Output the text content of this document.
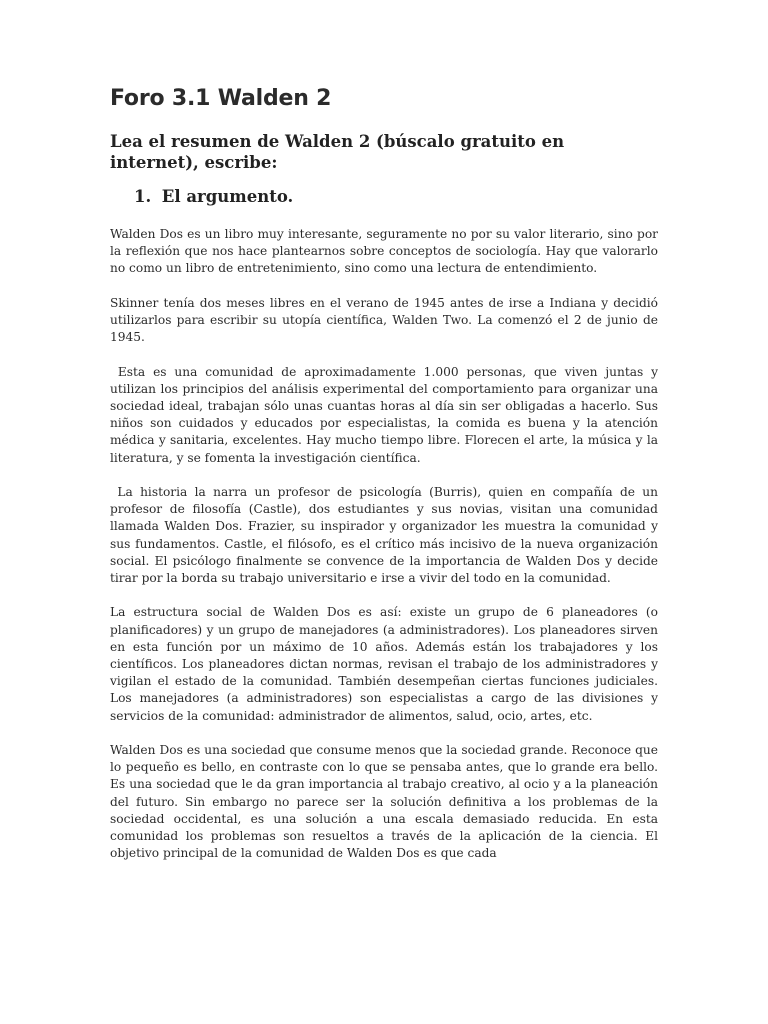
Foro 3.1 Walden 2
Lea el resumen de Walden 2 (búscalo gratuito en internet), escribe:
1. El argumento.

Walden Dos es un libro muy interesante, seguramente no por su valor literario, sino por la reflexión que nos hace plantearnos sobre conceptos de sociología. Hay que valorarlo no como un libro de entretenimiento, sino como una lectura de entendimiento.

Skinner tenía dos meses libres en el verano de 1945 antes de irse a Indiana y decidió utilizarlos para escribir su utopía científica, Walden Two. La comenzó el 2 de junio de 1945.

Esta es una comunidad de aproximadamente 1.000 personas, que viven juntas y utilizan los principios del análisis experimental del comportamiento para organizar una sociedad ideal, trabajan sólo unas cuantas horas al día sin ser obligadas a hacerlo. Sus niños son cuidados y educados por especialistas, la comida es buena y la atención médica y sanitaria, excelentes. Hay mucho tiempo libre. Florecen el arte, la música y la literatura, y se fomenta la investigación científica.

La historia la narra un profesor de psicología (Burris), quien en compañía de un profesor de filosofía (Castle), dos estudiantes y sus novias, visitan una comunidad llamada Walden Dos. Frazier, su inspirador y organizador les muestra la comunidad y sus fundamentos. Castle, el filósofo, es el crítico más incisivo de la nueva organización social. El psicólogo finalmente se convence de la importancia de Walden Dos y decide tirar por la borda su trabajo universitario e irse a vivir del todo en la comunidad.

La estructura social de Walden Dos es así: existe un grupo de 6 planeadores (o planificadores) y un grupo de manejadores (a administradores). Los planeadores sirven en esta función por un máximo de 10 años. Además están los trabajadores y los científicos. Los planeadores dictan normas, revisan el trabajo de los administradores y vigilan el estado de la comunidad. También desempeñan ciertas funciones judiciales. Los manejadores (a administradores) son especialistas a cargo de las divisiones y servicios de la comunidad: administrador de alimentos, salud, ocio, artes, etc.

Walden Dos es una sociedad que consume menos que la sociedad grande. Reconoce que lo pequeño es bello, en contraste con lo que se pensaba antes, que lo grande era bello. Es una sociedad que le da gran importancia al trabajo creativo, al ocio y a la planeación del futuro. Sin embargo no parece ser la solución definitiva a los problemas de la sociedad occidental, es una solución a una escala demasiado reducida. En esta comunidad los problemas son resueltos a través de la aplicación de la ciencia. El objetivo principal de la comunidad de Walden Dos es que cada
